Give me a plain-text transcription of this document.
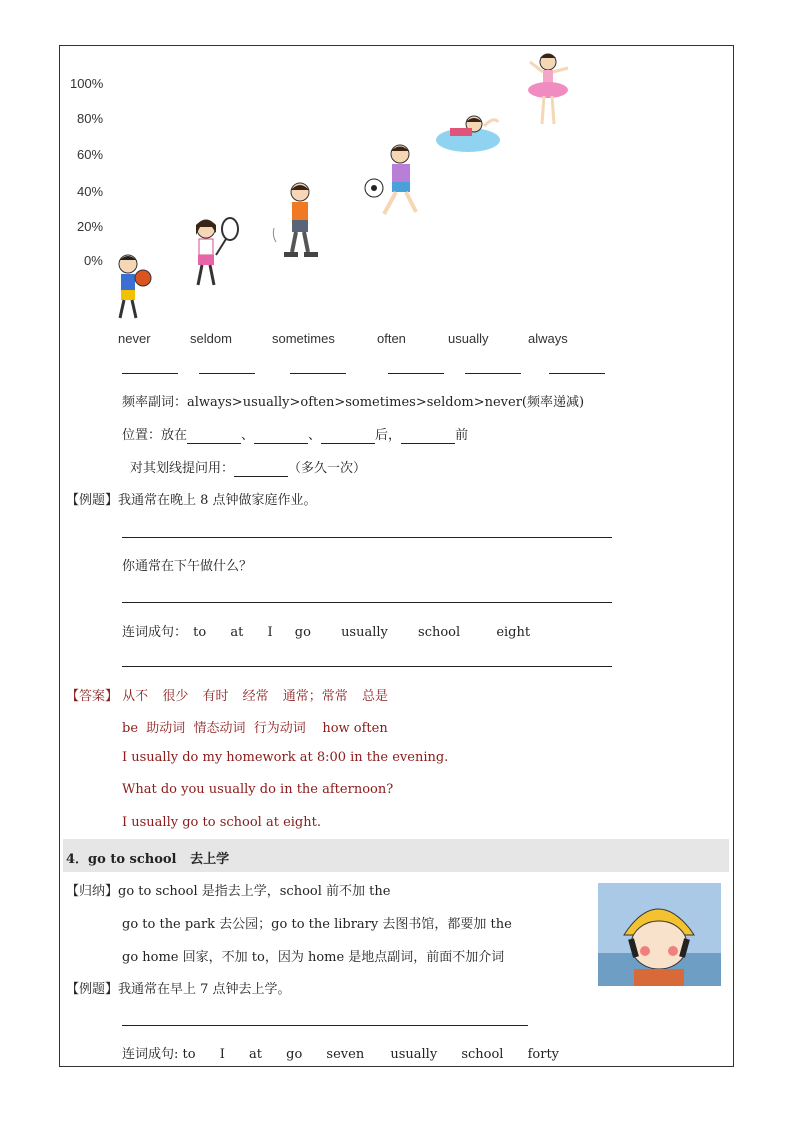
100%
80%
60%
40%
20%
0%
never	seldom	sometimes	often	usually	always
频率副词：always>usually>often>sometimes>seldom>never(频率递减)
位置：放在	、	、	后，	前
对其划线提问用：	（多久一次）
【例题】我通常在晚上 8 点钟做家庭作业。
你通常在下午做什么？
连词成句： to at I go usually school	eight
【答案】 从不 很少 有时 经常 通常；常常 总是
be  助动词  情态动词  行为动词    how often
I usually do my homework at 8:00 in the evening.
What do you usually do in the afternoon?
I usually go to school at eight.
4．go to school   去上学
【归纳】go to school 是指去上学，school 前不加 the
go to the park 去公园；go to the library 去图书馆，都要加 the
go home 回家，不加 to，因为 home 是地点副词，前面不加介词
【例题】我通常在早上 7 点钟去上学。
连词成句: to I at go seven usually school forty
